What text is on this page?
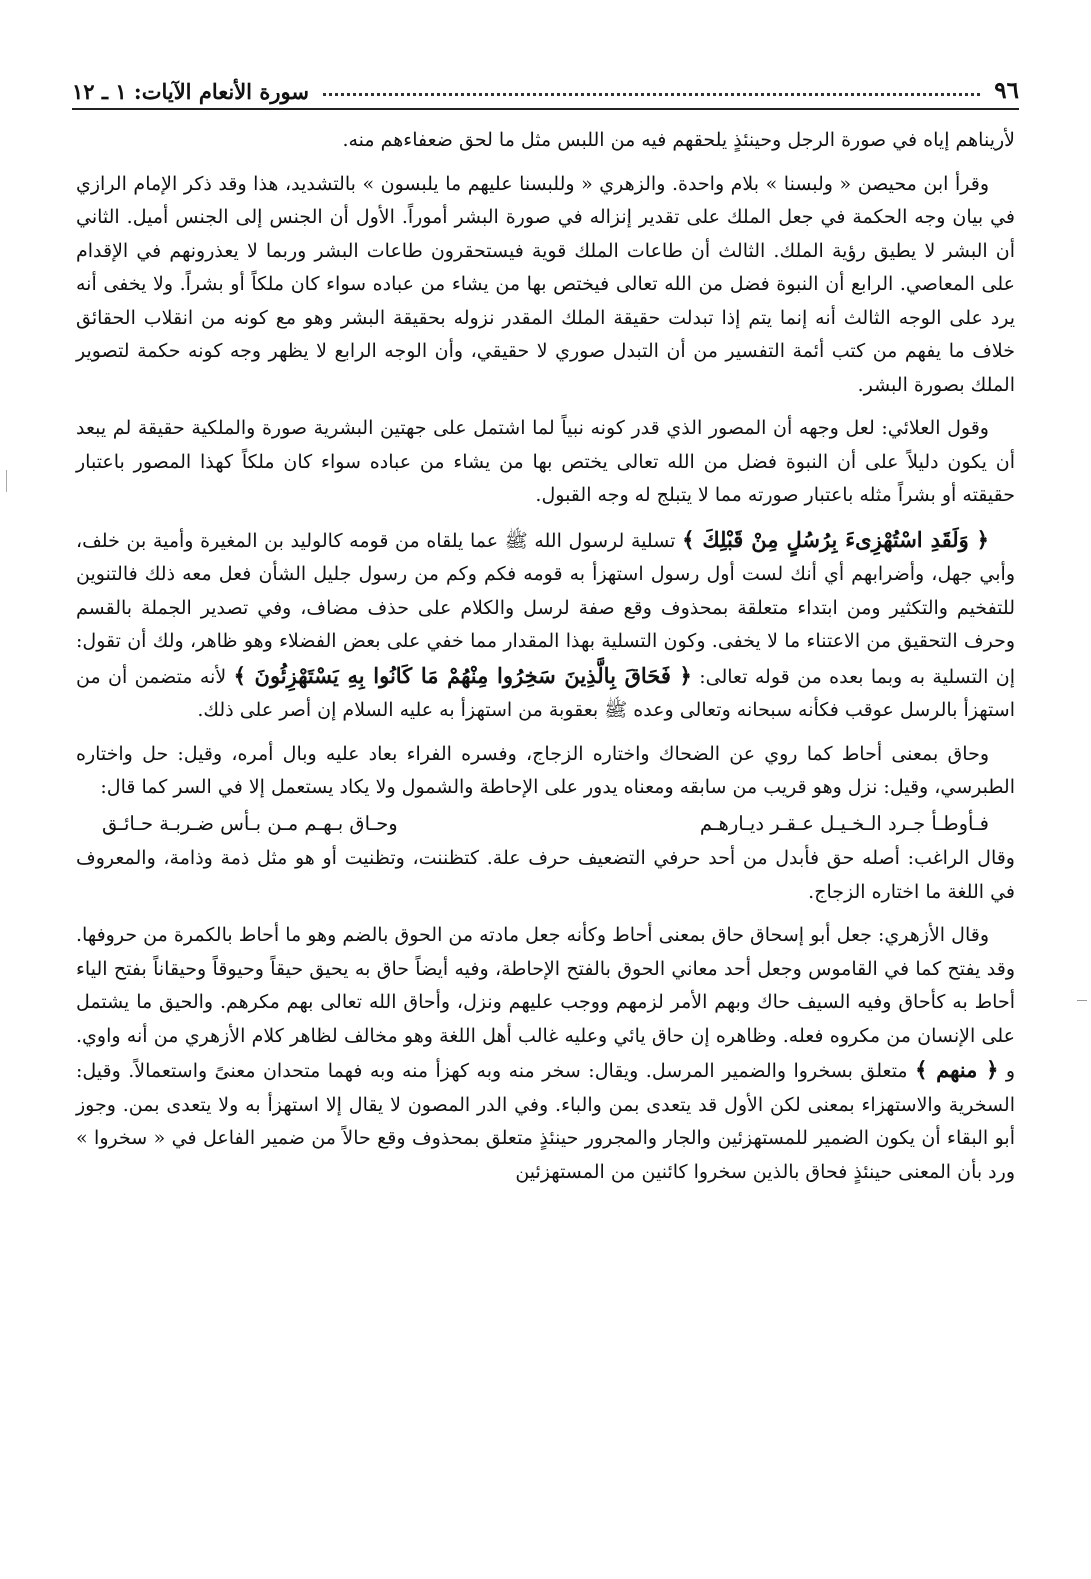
٩٦
سورة الأنعام الآيات: ١ ـ ١٢

لأريناهم إياه في صورة الرجل وحينئذٍ يلحقهم فيه من اللبس مثل ما لحق ضعفاءهم منه.

وقرأ ابن محيصن « ولبسنا » بلام واحدة. والزهري « وللبسنا عليهم ما يلبسون » بالتشديد، هذا وقد ذكر الإمام الرازي في بيان وجه الحكمة في جعل الملك على تقدير إنزاله في صورة البشر أموراً. الأول أن الجنس إلى الجنس أميل. الثاني أن البشر لا يطيق رؤية الملك. الثالث أن طاعات الملك قوية فيستحقرون طاعات البشر وربما لا يعذرونهم في الإقدام على المعاصي. الرابع أن النبوة فضل من الله تعالى فيختص بها من يشاء من عباده سواء كان ملكاً أو بشراً. ولا يخفى أنه يرد على الوجه الثالث أنه إنما يتم إذا تبدلت حقيقة الملك المقدر نزوله بحقيقة البشر وهو مع كونه من انقلاب الحقائق خلاف ما يفهم من كتب أئمة التفسير من أن التبدل صوري لا حقيقي، وأن الوجه الرابع لا يظهر وجه كونه حكمة لتصوير الملك بصورة البشر.

وقول العلائي: لعل وجهه أن المصور الذي قدر كونه نبياً لما اشتمل على جهتين البشرية صورة والملكية حقيقة لم يبعد أن يكون دليلاً على أن النبوة فضل من الله تعالى يختص بها من يشاء من عباده سواء كان ملكاً كهذا المصور باعتبار حقيقته أو بشراً مثله باعتبار صورته مما لا يتبلج له وجه القبول.

﴿ وَلَقَدِ اسْتُهْزِىءَ بِرُسُلٍ مِنْ قَبْلِكَ ﴾ تسلية لرسول الله ﷺ عما يلقاه من قومه كالوليد بن المغيرة وأمية بن خلف، وأبي جهل، وأضرابهم أي أنك لست أول رسول استهزأ به قومه فكم وكم من رسول جليل الشأن فعل معه ذلك فالتنوين للتفخيم والتكثير ومن ابتداء متعلقة بمحذوف وقع صفة لرسل والكلام على حذف مضاف، وفي تصدير الجملة بالقسم وحرف التحقيق من الاعتناء ما لا يخفى. وكون التسلية بهذا المقدار مما خفي على بعض الفضلاء وهو ظاهر، ولك أن تقول: إن التسلية به وبما بعده من قوله تعالى: ﴿ فَحَاقَ بِالَّذِينَ سَخِرُوا مِنْهُمْ مَا كَانُوا بِهِ يَسْتَهْزِئُونَ ﴾ لأنه متضمن أن من استهزأ بالرسل عوقب فكأنه سبحانه وتعالى وعده ﷺ بعقوبة من استهزأ به عليه السلام إن أصر على ذلك.

وحاق بمعنى أحاط كما روي عن الضحاك واختاره الزجاج، وفسره الفراء بعاد عليه وبال أمره، وقيل: حل واختاره الطبرسي، وقيل: نزل وهو قريب من سابقه ومعناه يدور على الإحاطة والشمول ولا يكاد يستعمل إلا في السر كما قال:

فـأوطـأ جـرد الـخـيـل عـقـر ديـارهـم
وحـاق بـهـم مـن بـأس ضـربـة حـائـق

وقال الراغب: أصله حق فأبدل من أحد حرفي التضعيف حرف علة. كتظننت، وتظنيت أو هو مثل ذمة وذامة، والمعروف في اللغة ما اختاره الزجاج.

وقال الأزهري: جعل أبو إسحاق حاق بمعنى أحاط وكأنه جعل مادته من الحوق بالضم وهو ما أحاط بالكمرة من حروفها. وقد يفتح كما في القاموس وجعل أحد معاني الحوق بالفتح الإحاطة، وفيه أيضاً حاق به يحيق حيقاً وحيوقاً وحيقاناً بفتح الياء أحاط به كأحاق وفيه السيف حاك وبهم الأمر لزمهم ووجب عليهم ونزل، وأحاق الله تعالى بهم مكرهم. والحيق ما يشتمل على الإنسان من مكروه فعله. وظاهره إن حاق يائي وعليه غالب أهل اللغة وهو مخالف لظاهر كلام الأزهري من أنه واوي. و ﴿ منهم ﴾ متعلق بسخروا والضمير المرسل. ويقال: سخر منه وبه كهزأ منه وبه فهما متحدان معنىً واستعمالاً. وقيل: السخرية والاستهزاء بمعنى لكن الأول قد يتعدى بمن والباء. وفي الدر المصون لا يقال إلا استهزأ به ولا يتعدى بمن. وجوز أبو البقاء أن يكون الضمير للمستهزئين والجار والمجرور حينئذٍ متعلق بمحذوف وقع حالاً من ضمير الفاعل في « سخروا » ورد بأن المعنى حينئذٍ فحاق بالذين سخروا كائنين من المستهزئين
